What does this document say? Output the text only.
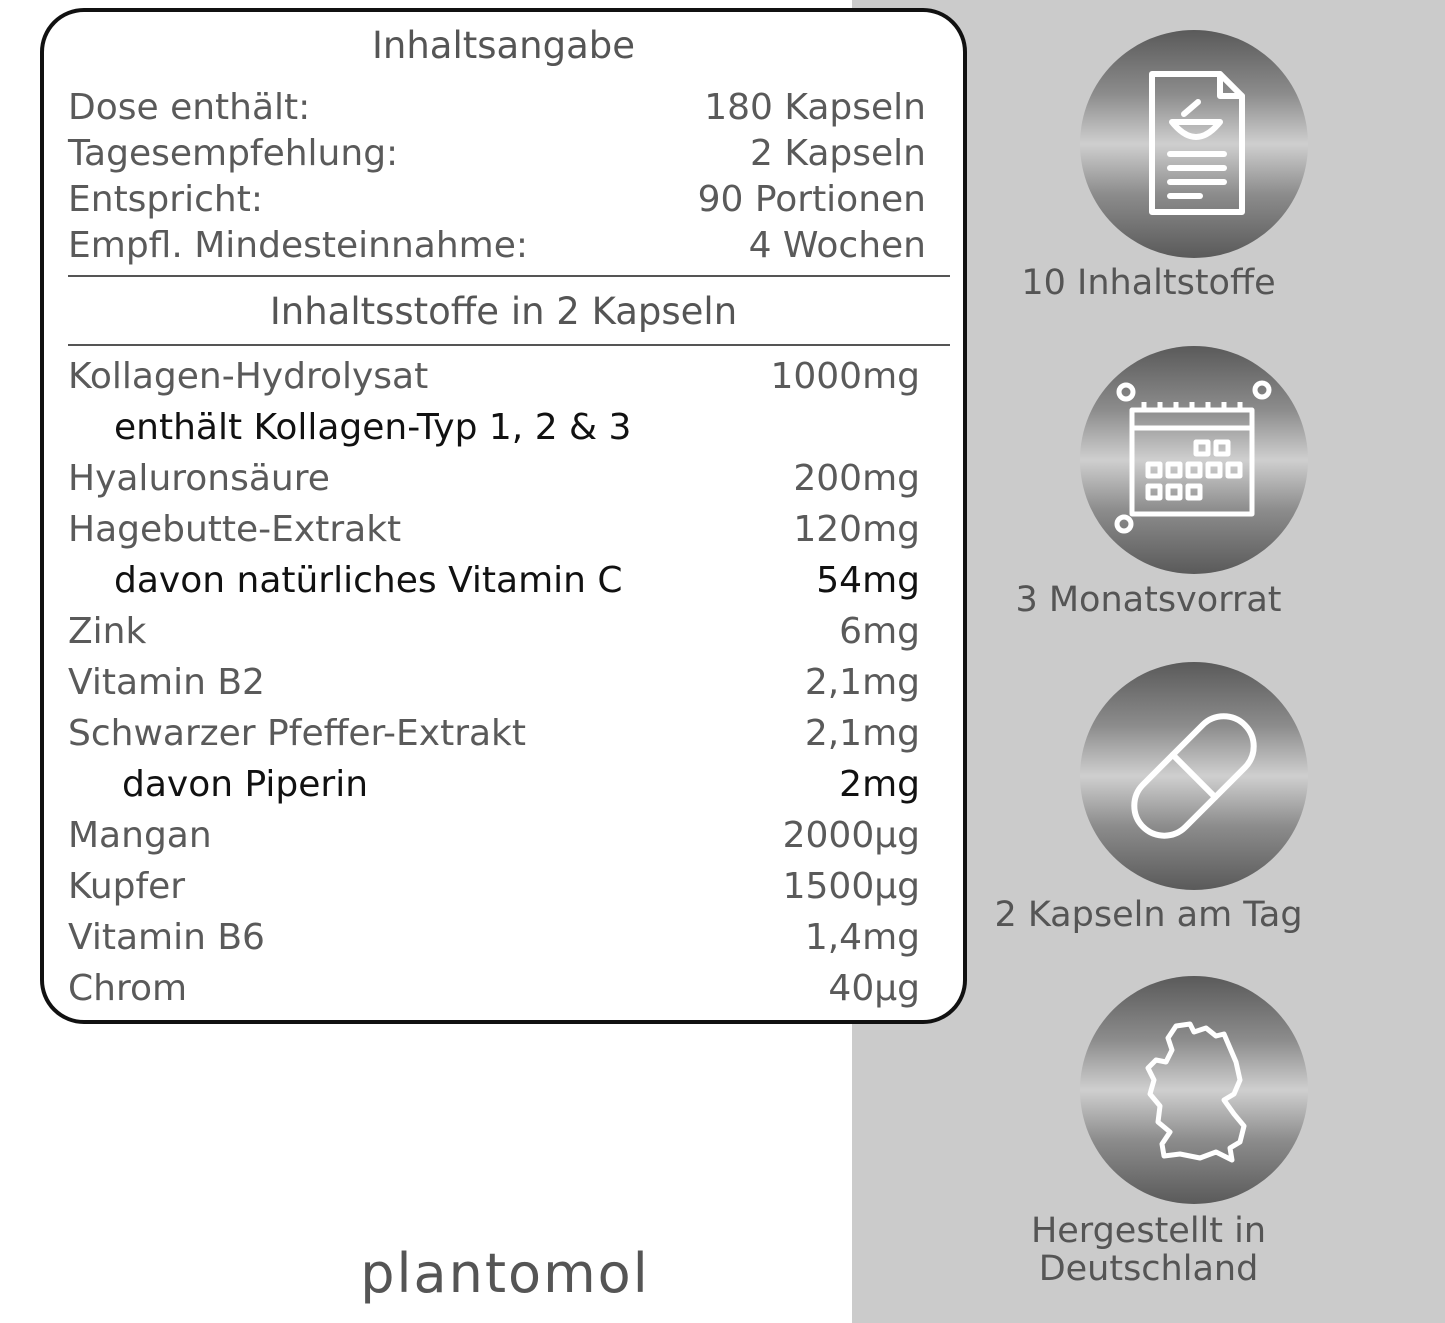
10 Inhaltstoffe
3 Monatsvorrat
2 Kapseln am Tag
Hergestellt in
Deutschland
Inhaltsangabe
Dose enthält:	180 Kapseln
Tagesempfehlung:	2 Kapseln
Entspricht:	90 Portionen
Empfl. Mindesteinnahme:	4 Wochen
Inhaltsstoffe in 2 Kapseln
Kollagen-Hydrolysat	1000mg
enthält Kollagen-Typ 1, 2 & 3
Hyaluronsäure	200mg
Hagebutte-Extrakt	120mg
davon natürliches Vitamin C	54mg
Zink	6mg
Vitamin B2	2,1mg
Schwarzer Pfeffer-Extrakt	2,1mg
davon Piperin	2mg
Mangan	2000µg
Kupfer	1500µg
Vitamin B6	1,4mg
Chrom	40µg
plantomol
